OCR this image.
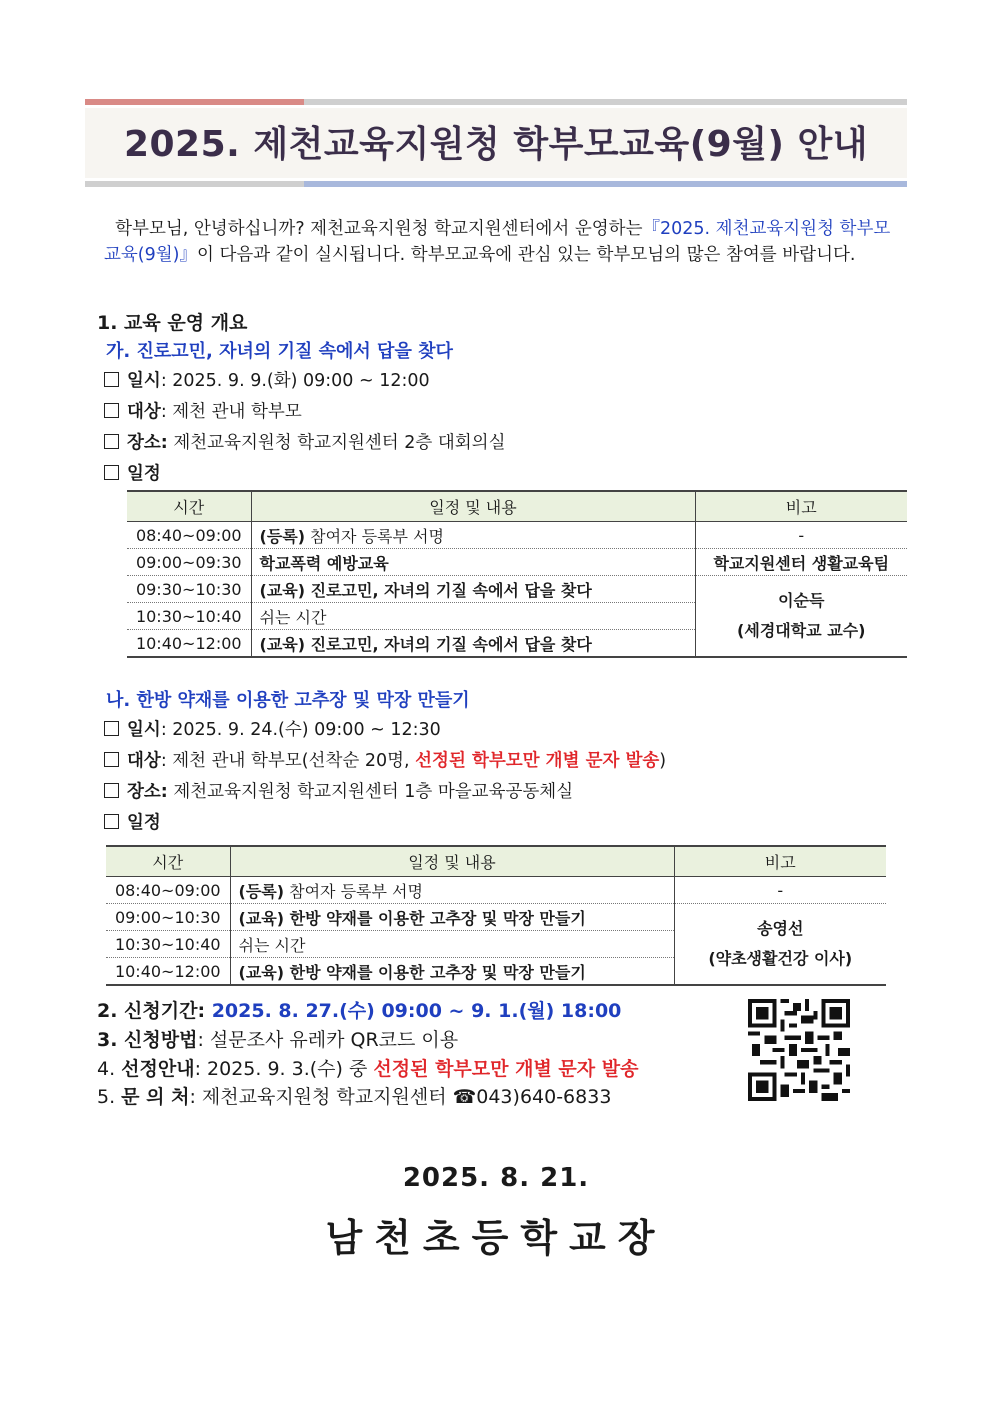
2025. 제천교육지원청 학부모교육(9월) 안내
학부모님, 안녕하십니까? 제천교육지원청 학교지원센터에서 운영하는『2025. 제천교육지원청 학부모교육(9월)』이 다음과 같이 실시됩니다. 학부모교육에 관심 있는 학부모님의 많은 참여를 바랍니다.
1. 교육 운영 개요
가. 진로고민, 자녀의 기질 속에서 답을 찾다
일시: 2025. 9. 9.(화) 09:00 ~ 12:00
대상: 제천 관내 학부모
장소: 제천교육지원청 학교지원센터 2층 대회의실
일정
시간	일정 및 내용	비고
08:40~09:00	(등록) 참여자 등록부 서명	-
09:00~09:30	학교폭력 예방교육	학교지원센터 생활교육팀
09:30~10:30	(교육) 진로고민, 자녀의 기질 속에서 답을 찾다	이순득
(세경대학교 교수)

10:30~10:40	쉬는 시간	
10:40~12:00	(교육) 진로고민, 자녀의 기질 속에서 답을 찾다	
나. 한방 약재를 이용한 고추장 및 막장 만들기
일시: 2025. 9. 24.(수) 09:00 ~ 12:30
대상: 제천 관내 학부모(선착순 20명, 선정된 학부모만 개별 문자 발송)
장소: 제천교육지원청 학교지원센터 1층 마을교육공동체실
일정
시간	일정 및 내용	비고
08:40~09:00	(등록) 참여자 등록부 서명	-
09:00~10:30	(교육) 한방 약재를 이용한 고추장 및 막장 만들기	송영선
(약초생활건강 이사)

10:30~10:40	쉬는 시간	
10:40~12:00	(교육) 한방 약재를 이용한 고추장 및 막장 만들기	
2. 신청기간: 2025. 8. 27.(수) 09:00 ~ 9. 1.(월) 18:00
3. 신청방법: 설문조사 유레카 QR코드 이용
4. 선정안내: 2025. 9. 3.(수) 중 선정된 학부모만 개별 문자 발송
5. 문 의 처: 제천교육지원청 학교지원센터 ☎043)640-6833
2025. 8. 21.
남천초등학교장
